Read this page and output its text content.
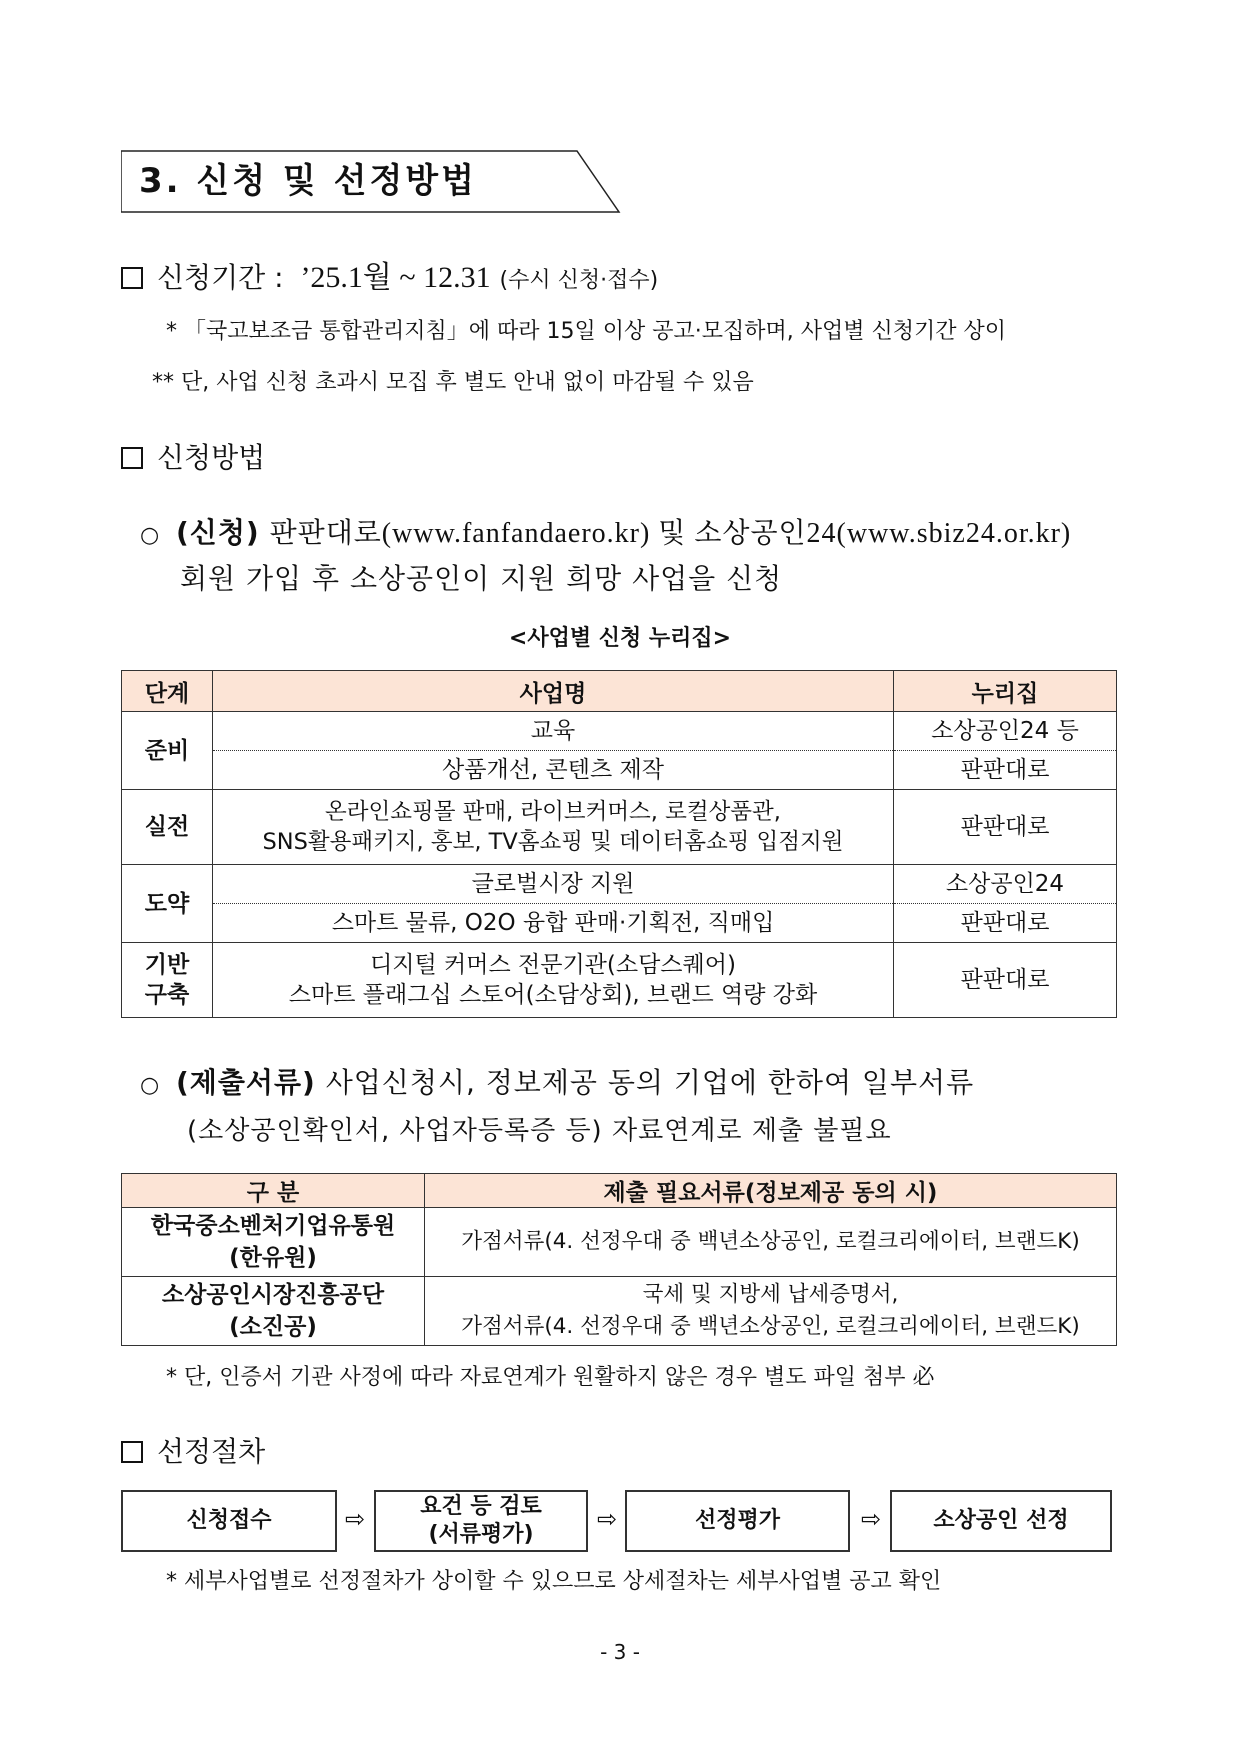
3. 신청 및 선정방법
신청기간 : ’25.1월 ~ 12.31 (수시 신청·접수)
* 「국고보조금 통합관리지침」에 따라 15일 이상 공고·모집하며, 사업별 신청기간 상이
** 단, 사업 신청 초과시 모집 후 별도 안내 없이 마감될 수 있음
신청방법
○ (신청) 판판대로(www.fanfandaero.kr) 및 소상공인24(www.sbiz24.or.kr)
회원 가입 후 소상공인이 지원 희망 사업을 신청
<사업별 신청 누리집>
단계	사업명	누리집
준비	교육	소상공인24 등
	상품개선, 콘텐츠 제작	판판대로
실전	온라인쇼핑몰 판매, 라이브커머스, 로컬상품관,
SNS활용패키지, 홍보, TV홈쇼핑 및 데이터홈쇼핑 입점지원	판판대로
도약	글로벌시장 지원	소상공인24
	스마트 물류, O2O 융합 판매·기획전, 직매입	판판대로
기반
구축	디지털 커머스 전문기관(소담스퀘어)
스마트 플래그십 스토어(소담상회), 브랜드 역량 강화	판판대로
○ (제출서류) 사업신청시, 정보제공 동의 기업에 한하여 일부서류
(소상공인확인서, 사업자등록증 등) 자료연계로 제출 불필요
구 분	제출 필요서류(정보제공 동의 시)
한국중소벤처기업유통원
(한유원)	가점서류(4. 선정우대 중 백년소상공인, 로컬크리에이터, 브랜드K)
소상공인시장진흥공단
(소진공)	국세 및 지방세 납세증명서,
가점서류(4. 선정우대 중 백년소상공인, 로컬크리에이터, 브랜드K)
* 단, 인증서 기관 사정에 따라 자료연계가 원활하지 않은 경우 별도 파일 첨부 必
선정절차
신청접수	⇨	요건 등 검토
(서류평가)
⇨	선정평가	⇨	소상공인 선정
* 세부사업별로 선정절차가 상이할 수 있으므로 상세절차는 세부사업별 공고 확인
- 3 -
